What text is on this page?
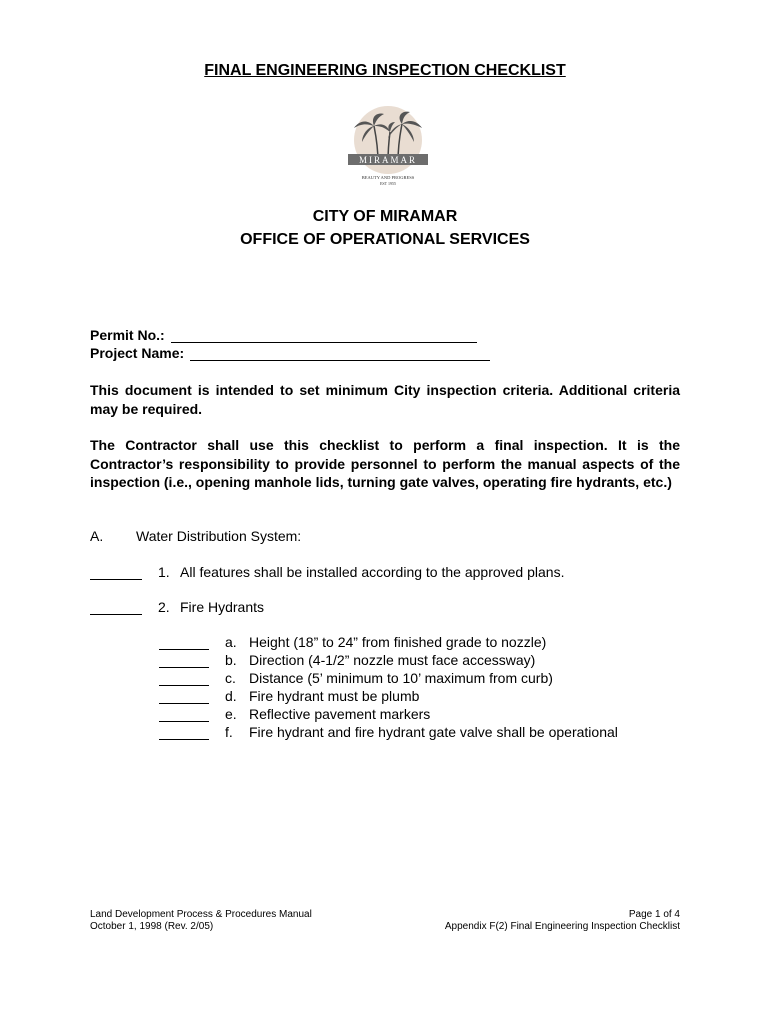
FINAL ENGINEERING INSPECTION CHECKLIST
MIRAMAR
BEAUTY AND PROGRESS
EST 1955
CITY OF MIRAMAR
OFFICE OF OPERATIONAL SERVICES
Permit No.:
Project Name:
This document is intended to set minimum City inspection criteria. Additional criteria may be required.
The Contractor shall use this checklist to perform a final inspection. It is the Contractor’s responsibility to provide personnel to perform the manual aspects of the inspection (i.e., opening manhole lids, turning gate valves, operating fire hydrants, etc.)
A. Water Distribution System:
1. All features shall be installed according to the approved plans.
2. Fire Hydrants
a. Height (18” to 24” from finished grade to nozzle)
b. Direction (4-1/2” nozzle must face accessway)
c. Distance (5’ minimum to 10’ maximum from curb)
d. Fire hydrant must be plumb
e. Reflective pavement markers
f.	Fire hydrant and fire hydrant gate valve shall be operational
Land Development Process & Procedures Manual
October 1, 1998 (Rev. 2/05)
Page 1 of 4
Appendix F(2) Final Engineering Inspection Checklist
